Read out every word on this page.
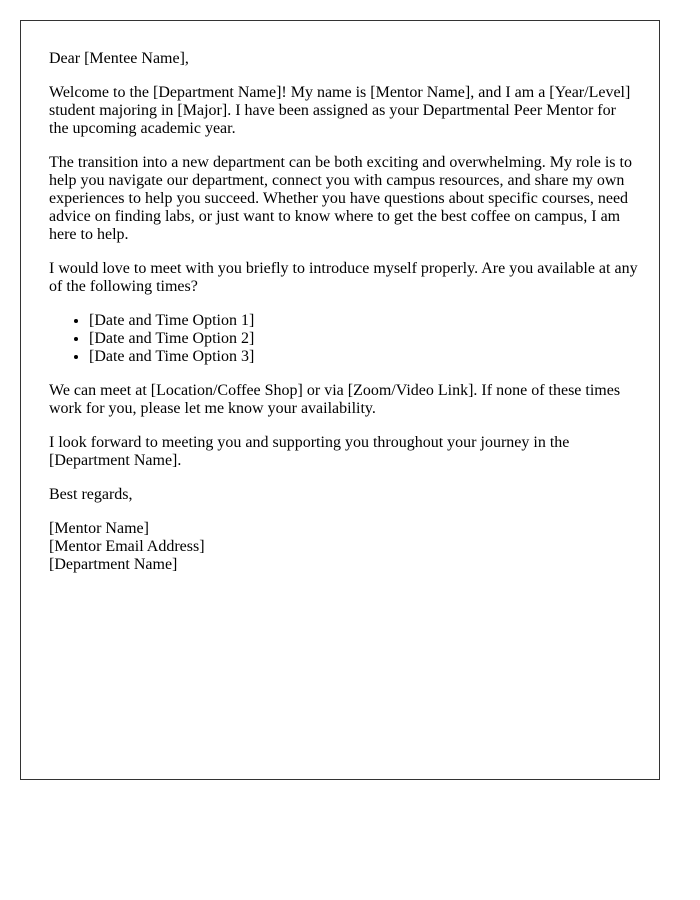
Dear [Mentee Name],

Welcome to the [Department Name]! My name is [Mentor Name], and I am a [Year/Level] student majoring in [Major]. I have been assigned as your Departmental Peer Mentor for the upcoming academic year.

The transition into a new department can be both exciting and overwhelming. My role is to help you navigate our department, connect you with campus resources, and share my own experiences to help you succeed. Whether you have questions about specific courses, need advice on finding labs, or just want to know where to get the best coffee on campus, I am here to help.

I would love to meet with you briefly to introduce myself properly. Are you available at any of the following times?

• [Date and Time Option 1]
• [Date and Time Option 2]
• [Date and Time Option 3]

We can meet at [Location/Coffee Shop] or via [Zoom/Video Link]. If none of these times work for you, please let me know your availability.

I look forward to meeting you and supporting you throughout your journey in the [Department Name].

Best regards,

[Mentor Name]
[Mentor Email Address]
[Department Name]
